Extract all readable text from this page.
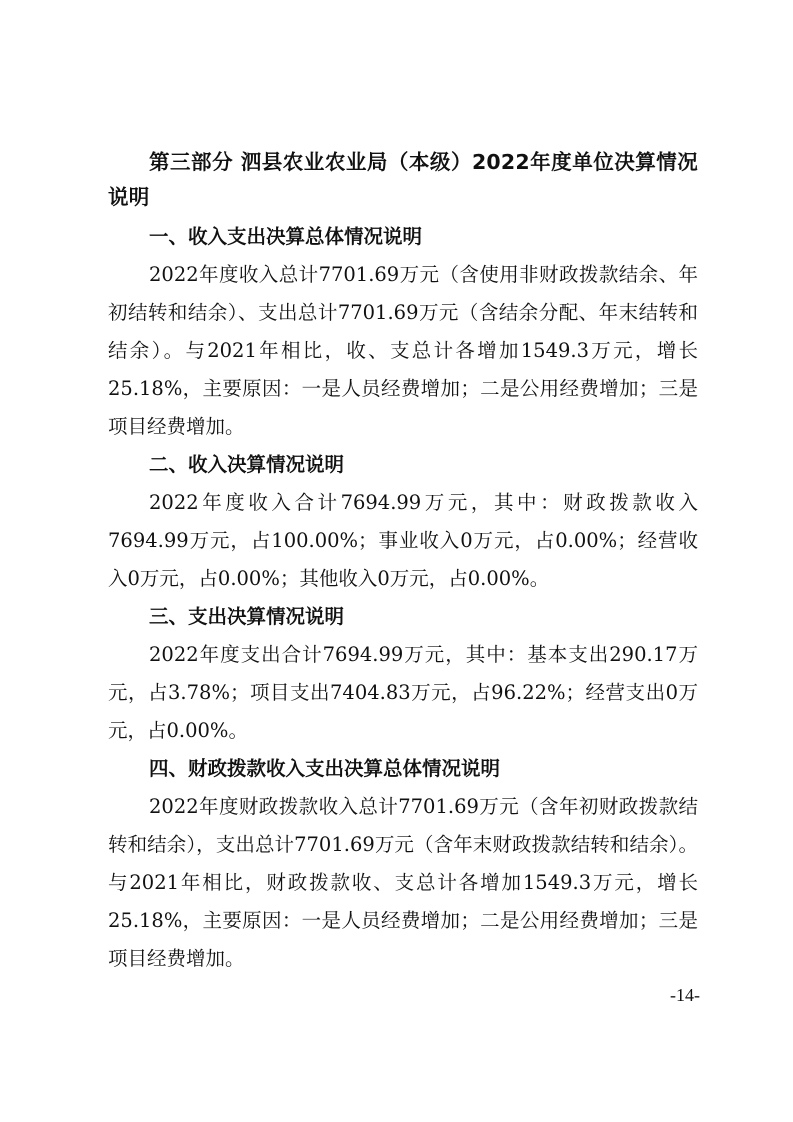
第三部分 泗县农业农业局（本级）2022年度单位决算情况说明

一、收入支出决算总体情况说明

2022年度收入总计7701.69万元（含使用非财政拨款结余、年初结转和结余）、支出总计7701.69万元（含结余分配、年末结转和结余）。与2021年相比，收、支总计各增加1549.3万元，增长25.18%，主要原因：一是人员经费增加；二是公用经费增加；三是项目经费增加。

二、收入决算情况说明

2022年度收入合计7694.99万元，其中：财政拨款收入7694.99万元，占100.00%；事业收入0万元，占0.00%；经营收入0万元，占0.00%；其他收入0万元，占0.00%。

三、支出决算情况说明

2022年度支出合计7694.99万元，其中：基本支出290.17万元，占3.78%；项目支出7404.83万元，占96.22%；经营支出0万元，占0.00%。

四、财政拨款收入支出决算总体情况说明

2022年度财政拨款收入总计7701.69万元（含年初财政拨款结转和结余），支出总计7701.69万元（含年末财政拨款结转和结余）。与2021年相比，财政拨款收、支总计各增加1549.3万元，增长25.18%，主要原因：一是人员经费增加；二是公用经费增加；三是项目经费增加。

-14-
